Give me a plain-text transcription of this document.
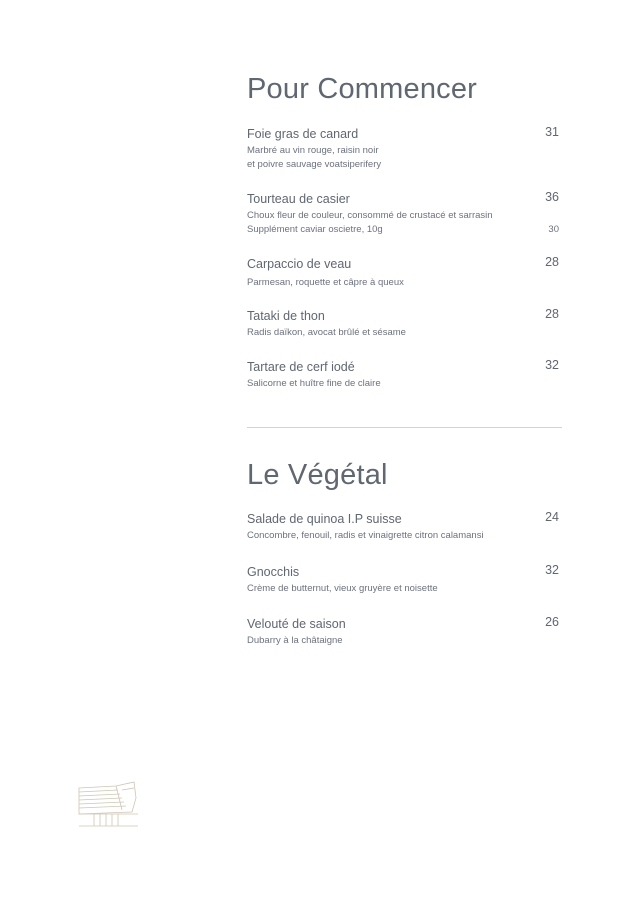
Pour Commencer
Foie gras de canard	31
Marbré au vin rouge, raisin noir
et poivre sauvage voatsiperifery
Tourteau de casier	36
Choux fleur de couleur, consommé de crustacé et sarrasin
Supplément caviar oscietre, 10g	30
Carpaccio de veau	28
Parmesan, roquette et câpre à queux
Tataki de thon	28
Radis daïkon, avocat brûlé et sésame
Tartare de cerf iodé	32
Salicorne et huître fine de claire
Le Végétal
Salade de quinoa I.P suisse	24
Concombre, fenouil, radis et vinaigrette citron calamansi
Gnocchis	32
Crème de butternut, vieux gruyère et noisette
Velouté de saison	26
Dubarry à la châtaigne
